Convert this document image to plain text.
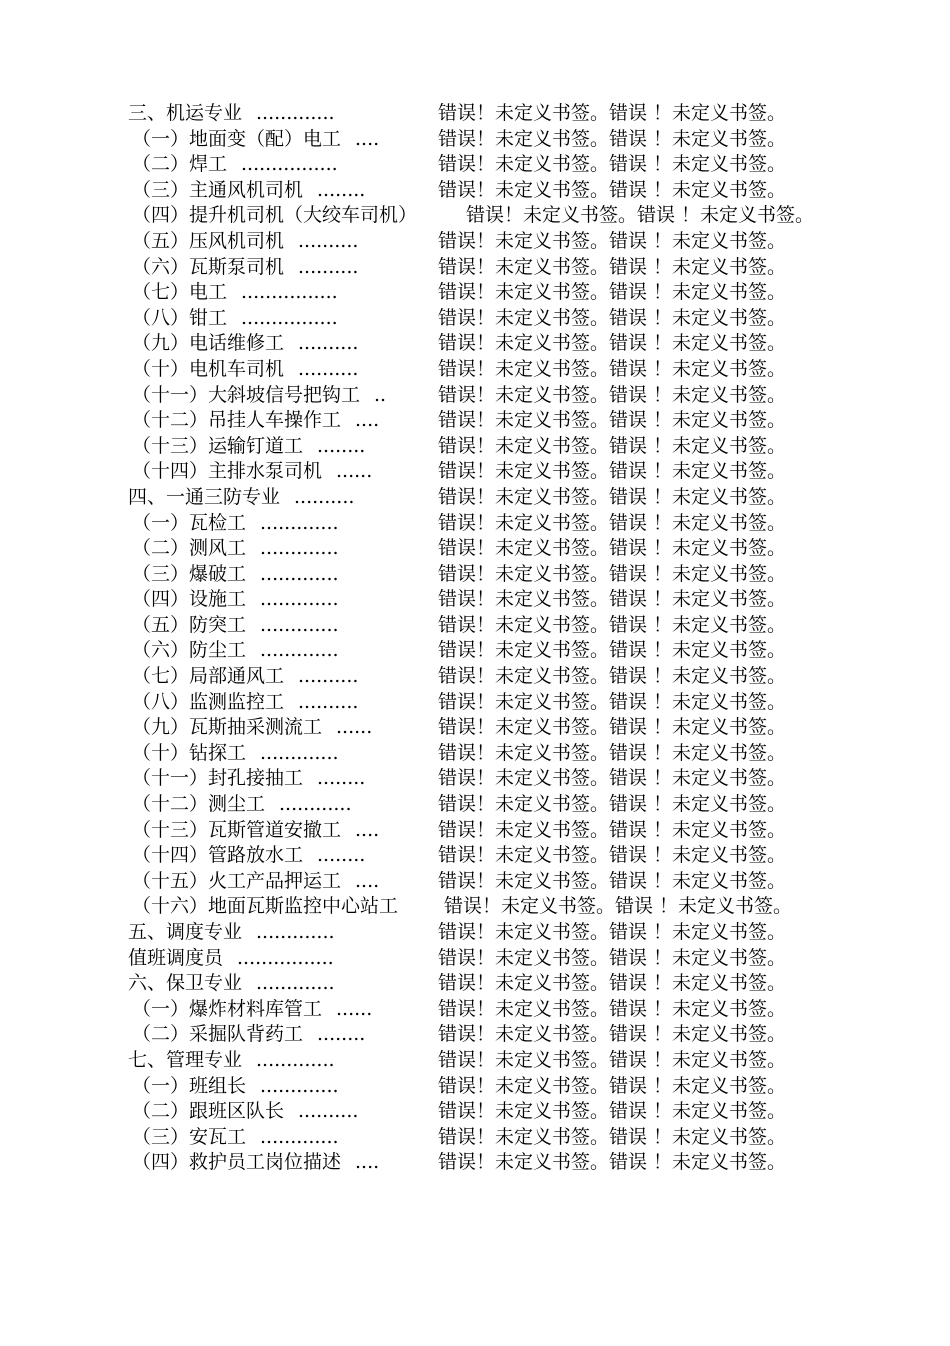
三、机运专业 .............	错误！未定义书签。错误 ！未定义书签。
（一）地面变（配）电工 ....	错误！未定义书签。错误 ！未定义书签。
（二）焊工 ................	错误！未定义书签。错误 ！未定义书签。
（三）主通风机司机 ........	错误！未定义书签。错误 ！未定义书签。
（四）提升机司机（大绞车司机）	错误！未定义书签。错误 ！未定义书签。
（五）压风机司机 ..........	错误！未定义书签。错误 ！未定义书签。
（六）瓦斯泵司机 ..........	错误！未定义书签。错误 ！未定义书签。
（七）电工 ................	错误！未定义书签。错误 ！未定义书签。
（八）钳工 ................	错误！未定义书签。错误 ！未定义书签。
（九）电话维修工 ..........	错误！未定义书签。错误 ！未定义书签。
（十）电机车司机 ..........	错误！未定义书签。错误 ！未定义书签。
（十一）大斜坡信号把钩工 ..	错误！未定义书签。错误 ！未定义书签。
（十二）吊挂人车操作工 ....	错误！未定义书签。错误 ！未定义书签。
（十三）运输钉道工 ........	错误！未定义书签。错误 ！未定义书签。
（十四）主排水泵司机 ......	错误！未定义书签。错误 ！未定义书签。
四、一通三防专业 ..........	错误！未定义书签。错误 ！未定义书签。
（一）瓦检工 .............	错误！未定义书签。错误 ！未定义书签。
（二）测风工 .............	错误！未定义书签。错误 ！未定义书签。
（三）爆破工 .............	错误！未定义书签。错误 ！未定义书签。
（四）设施工 .............	错误！未定义书签。错误 ！未定义书签。
（五）防突工 .............	错误！未定义书签。错误 ！未定义书签。
（六）防尘工 .............	错误！未定义书签。错误 ！未定义书签。
（七）局部通风工 ..........	错误！未定义书签。错误 ！未定义书签。
（八）监测监控工 ..........	错误！未定义书签。错误 ！未定义书签。
（九）瓦斯抽采测流工 ......	错误！未定义书签。错误 ！未定义书签。
（十）钻探工 .............	错误！未定义书签。错误 ！未定义书签。
（十一）封孔接抽工 ........	错误！未定义书签。错误 ！未定义书签。
（十二）测尘工 ............	错误！未定义书签。错误 ！未定义书签。
（十三）瓦斯管道安撤工 ....	错误！未定义书签。错误 ！未定义书签。
（十四）管路放水工 ........	错误！未定义书签。错误 ！未定义书签。
（十五）火工产品押运工 ....	错误！未定义书签。错误 ！未定义书签。
（十六）地面瓦斯监控中心站工 错误！未定义书签。错误 ！未定义书签。
五、调度专业 .............	错误！未定义书签。错误 ！未定义书签。
值班调度员 ................	错误！未定义书签。错误 ！未定义书签。
六、保卫专业 .............	错误！未定义书签。错误 ！未定义书签。
（一）爆炸材料库管工 ......	错误！未定义书签。错误 ！未定义书签。
（二）采掘队背药工 ........	错误！未定义书签。错误 ！未定义书签。
七、管理专业 .............	错误！未定义书签。错误 ！未定义书签。
（一）班组长 .............	错误！未定义书签。错误 ！未定义书签。
（二）跟班区队长 ..........	错误！未定义书签。错误 ！未定义书签。
（三）安瓦工 .............	错误！未定义书签。错误 ！未定义书签。
（四）救护员工岗位描述 ....	错误！未定义书签。错误 ！未定义书签。
